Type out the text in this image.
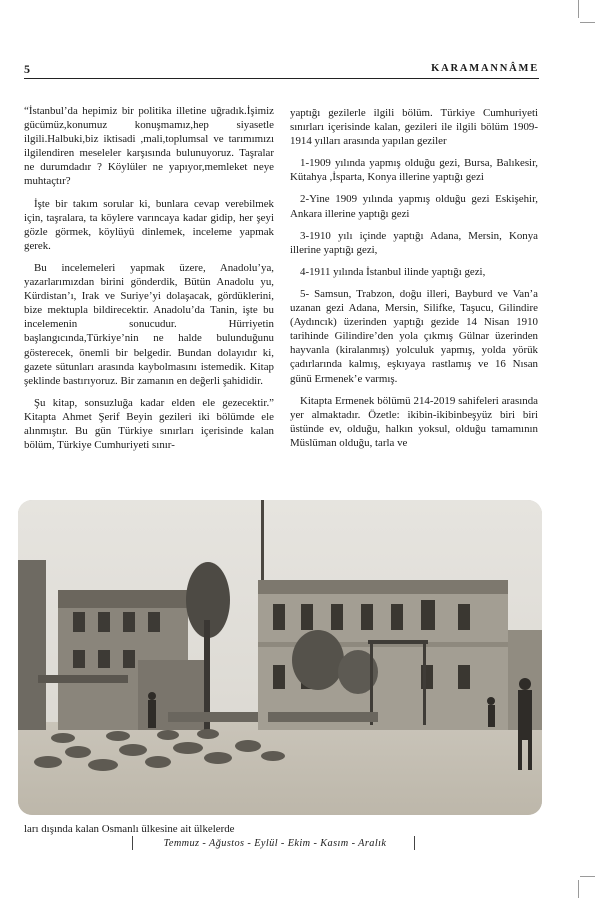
5	KARAMANNÂME

“İstanbul’da hepimiz bir politika illetine uğradık.İşimiz gücümüz,konumuz konuşmamız,hep siyasetle ilgili.Halbuki,biz iktisadi ,mali,toplumsal ve tarımımızı ilgilendiren meseleler karşısında bulunuyoruz. Taşralar ne durumdadır ? Köylüler ne yapıyor,memleket neye muhtaçtır?

İşte bir takım sorular ki, bunlara cevap verebilmek için, taşralara, ta köylere varıncaya kadar gidip, her şeyi gözle görmek, köylüyü dinlemek, inceleme yapmak gerek.

Bu incelemeleri yapmak üzere, Anadolu’ya, yazarlarımızdan birini gönderdik, Bütün Anadolu yu, Kürdistan’ı, Irak ve Suriye’yi dolaşacak, gördüklerini, bize mektupla bildirecektir. Anadolu’da Tanin, işte bu incelemenin sonucudur. Hürriyetin başlangıcında,Türkiye’nin ne halde bulunduğunu gösterecek, önemli bir belgedir. Bundan dolayıdır ki, gazete sütunları arasında kaybolmasını istemedik. Kitap şeklinde bastırıyoruz. Bir zamanın en değerli şahididir.

Şu kitap, sonsuzluğa kadar elden ele gezecektir.” Kitapta Ahmet Şerif Beyin gezileri iki bölümde ele alınmıştır. Bu gün Türkiye sınırları içerisinde kalan bölüm, Türkiye Cumhuriyeti sınır-

yaptığı gezilerle ilgili bölüm. Türkiye Cumhuriyeti sınırları içerisinde kalan, gezileri ile ilgili bölüm 1909-1914 yılları arasında yapılan geziler

1-1909 yılında yapmış olduğu gezi, Bursa, Balıkesir, Kütahya ,İsparta, Konya illerine yaptığı gezi

2-Yine 1909 yılında yapmış olduğu gezi Eskişehir, Ankara illerine yaptığı gezi

3-1910 yılı içinde yaptığı Adana, Mersin, Konya illerine yaptığı gezi,

4-1911 yılında İstanbul ilinde yaptığı gezi,

5- Samsun, Trabzon, doğu illeri, Bayburd ve Van’a uzanan gezi Adana, Mersin, Silifke, Taşucu, Gilindire (Aydıncık) üzerinden yaptığı gezide 14 Nisan 1910 tarihinde Gilindire’den yola çıkmış Gülnar üzerinden hayvanla (kiralanmış) yolculuk yapmış, yolda yörük çadırlarında kalmış, eşkıyaya rastlamış ve 16 Nısan günü Ermenek’e varmış.

Kitapta Ermenek bölümü 214-2019 sahifeleri arasında yer almaktadır. Özetle: ikibin-ikibinbeşyüz biri biri üstünde ev, olduğu, halkın yoksul, olduğu tamamının Müslüman olduğu, tarla ve

ları dışında kalan Osmanlı ülkesine ait ülkelerde
Temmuz - Ağustos - Eylül - Ekim - Kasım - Aralık
